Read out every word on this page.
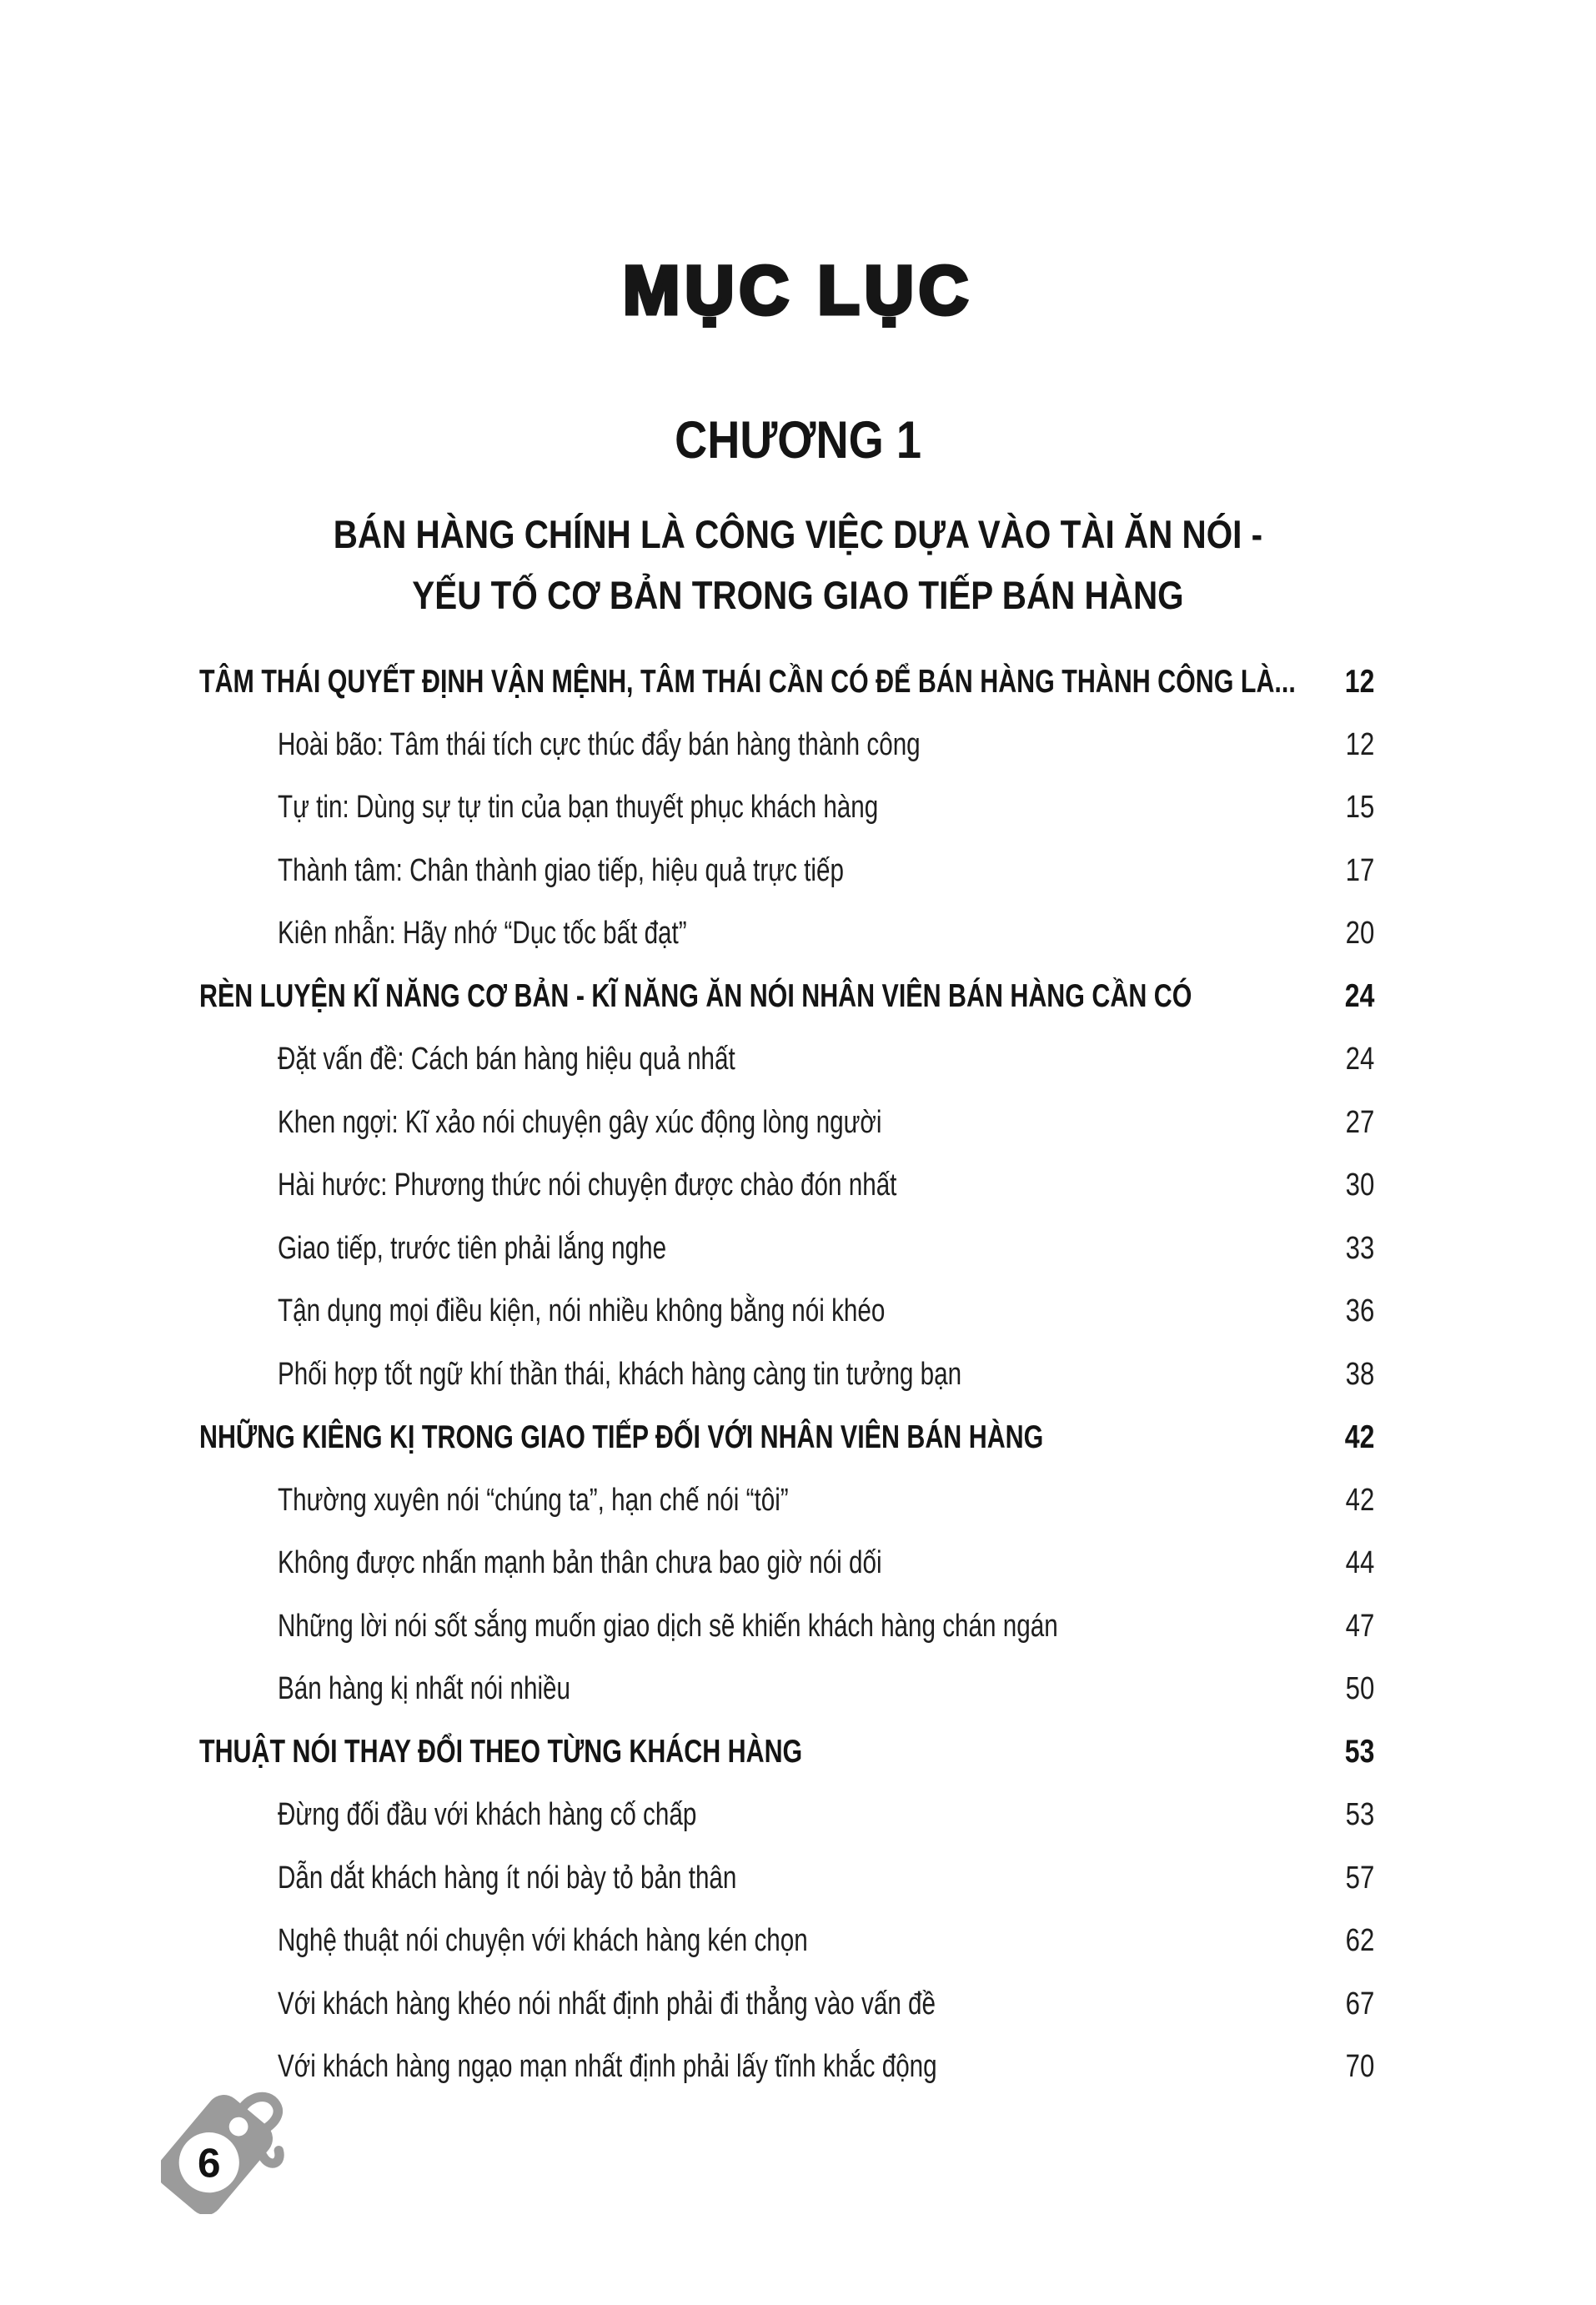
MỤC LỤC
CHƯƠNG 1
BÁN HÀNG CHÍNH LÀ CÔNG VIỆC DỰA VÀO TÀI ĂN NÓI -
YẾU TỐ CƠ BẢN TRONG GIAO TIẾP BÁN HÀNG
TÂM THÁI QUYẾT ĐỊNH VẬN MỆNH, TÂM THÁI CẦN CÓ ĐỂ BÁN HÀNG THÀNH CÔNG LÀ...	12
Hoài bão: Tâm thái tích cực thúc đẩy bán hàng thành công	12
Tự tin: Dùng sự tự tin của bạn thuyết phục khách hàng	15
Thành tâm: Chân thành giao tiếp, hiệu quả trực tiếp	17
Kiên nhẫn: Hãy nhớ “Dục tốc bất đạt”	20
RÈN LUYỆN KĨ NĂNG CƠ BẢN - KĨ NĂNG ĂN NÓI NHÂN VIÊN BÁN HÀNG CẦN CÓ	24
Đặt vấn đề: Cách bán hàng hiệu quả nhất	24
Khen ngợi: Kĩ xảo nói chuyện gây xúc động lòng người	27
Hài hước: Phương thức nói chuyện được chào đón nhất	30
Giao tiếp, trước tiên phải lắng nghe	33
Tận dụng mọi điều kiện, nói nhiều không bằng nói khéo	36
Phối hợp tốt ngữ khí thần thái, khách hàng càng tin tưởng bạn	38
NHỮNG KIÊNG KỊ TRONG GIAO TIẾP ĐỐI VỚI NHÂN VIÊN BÁN HÀNG	42
Thường xuyên nói “chúng ta”, hạn chế nói “tôi”	42
Không được nhấn mạnh bản thân chưa bao giờ nói dối	44
Những lời nói sốt sắng muốn giao dịch sẽ khiến khách hàng chán ngán	47
Bán hàng kị nhất nói nhiều	50
THUẬT NÓI THAY ĐỔI THEO TỪNG KHÁCH HÀNG	53
Đừng đối đầu với khách hàng cố chấp	53
Dẫn dắt khách hàng ít nói bày tỏ bản thân	57
Nghệ thuật nói chuyện với khách hàng kén chọn	62
Với khách hàng khéo nói nhất định phải đi thẳng vào vấn đề	67
Với khách hàng ngạo mạn nhất định phải lấy tĩnh khắc động	70
6
